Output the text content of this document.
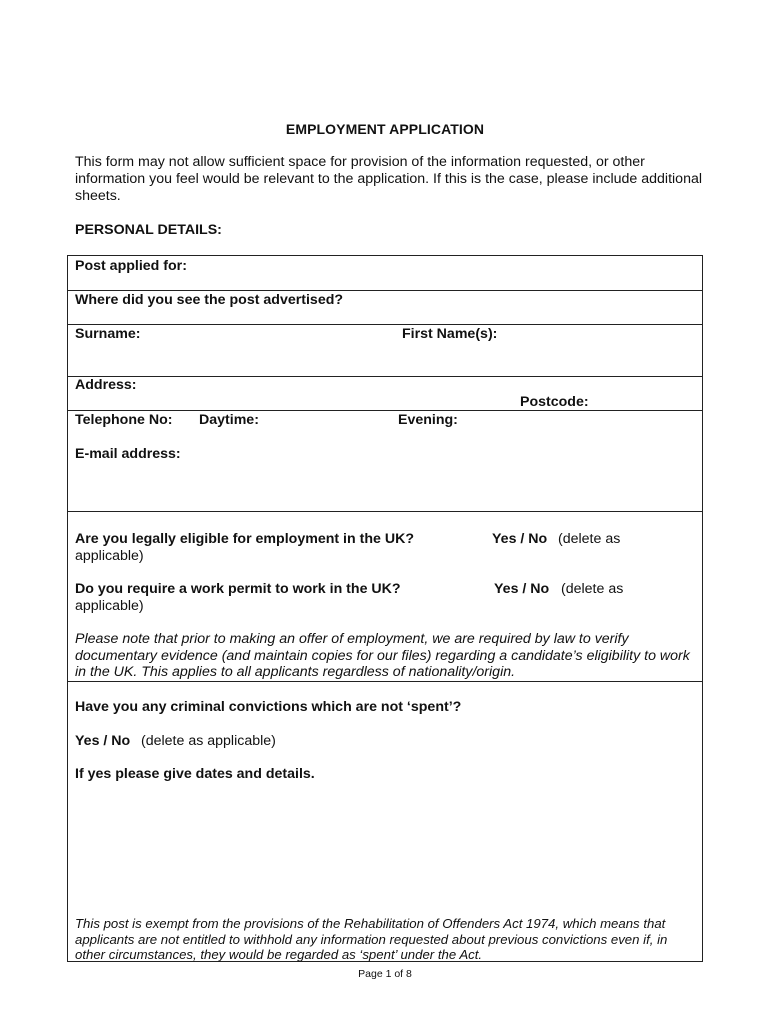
EMPLOYMENT APPLICATION
This form may not allow sufficient space for provision of the information requested, or other information you feel would be relevant to the application. If this is the case, please include additional sheets.
PERSONAL DETAILS:
Post applied for:
Where did you see the post advertised?
Surname:	First Name(s):
Address:
Postcode:
Telephone No: Daytime:	Evening:
E-mail address:
Are you legally eligible for employment in the UK?	Yes / No (delete as
applicable)
Do you require a work permit to work in the UK?	Yes / No (delete as
applicable)
Please note that prior to making an offer of employment, we are required by law to verify documentary evidence (and maintain copies for our files) regarding a candidate’s eligibility to work in the UK. This applies to all applicants regardless of nationality/origin.
Have you any criminal convictions which are not ‘spent’?
Yes / No (delete as applicable)
If yes please give dates and details.
This post is exempt from the provisions of the Rehabilitation of Offenders Act 1974, which means that applicants are not entitled to withhold any information requested about previous convictions even if, in other circumstances, they would be regarded as ‘spent’ under the Act.
Page 1 of 8
